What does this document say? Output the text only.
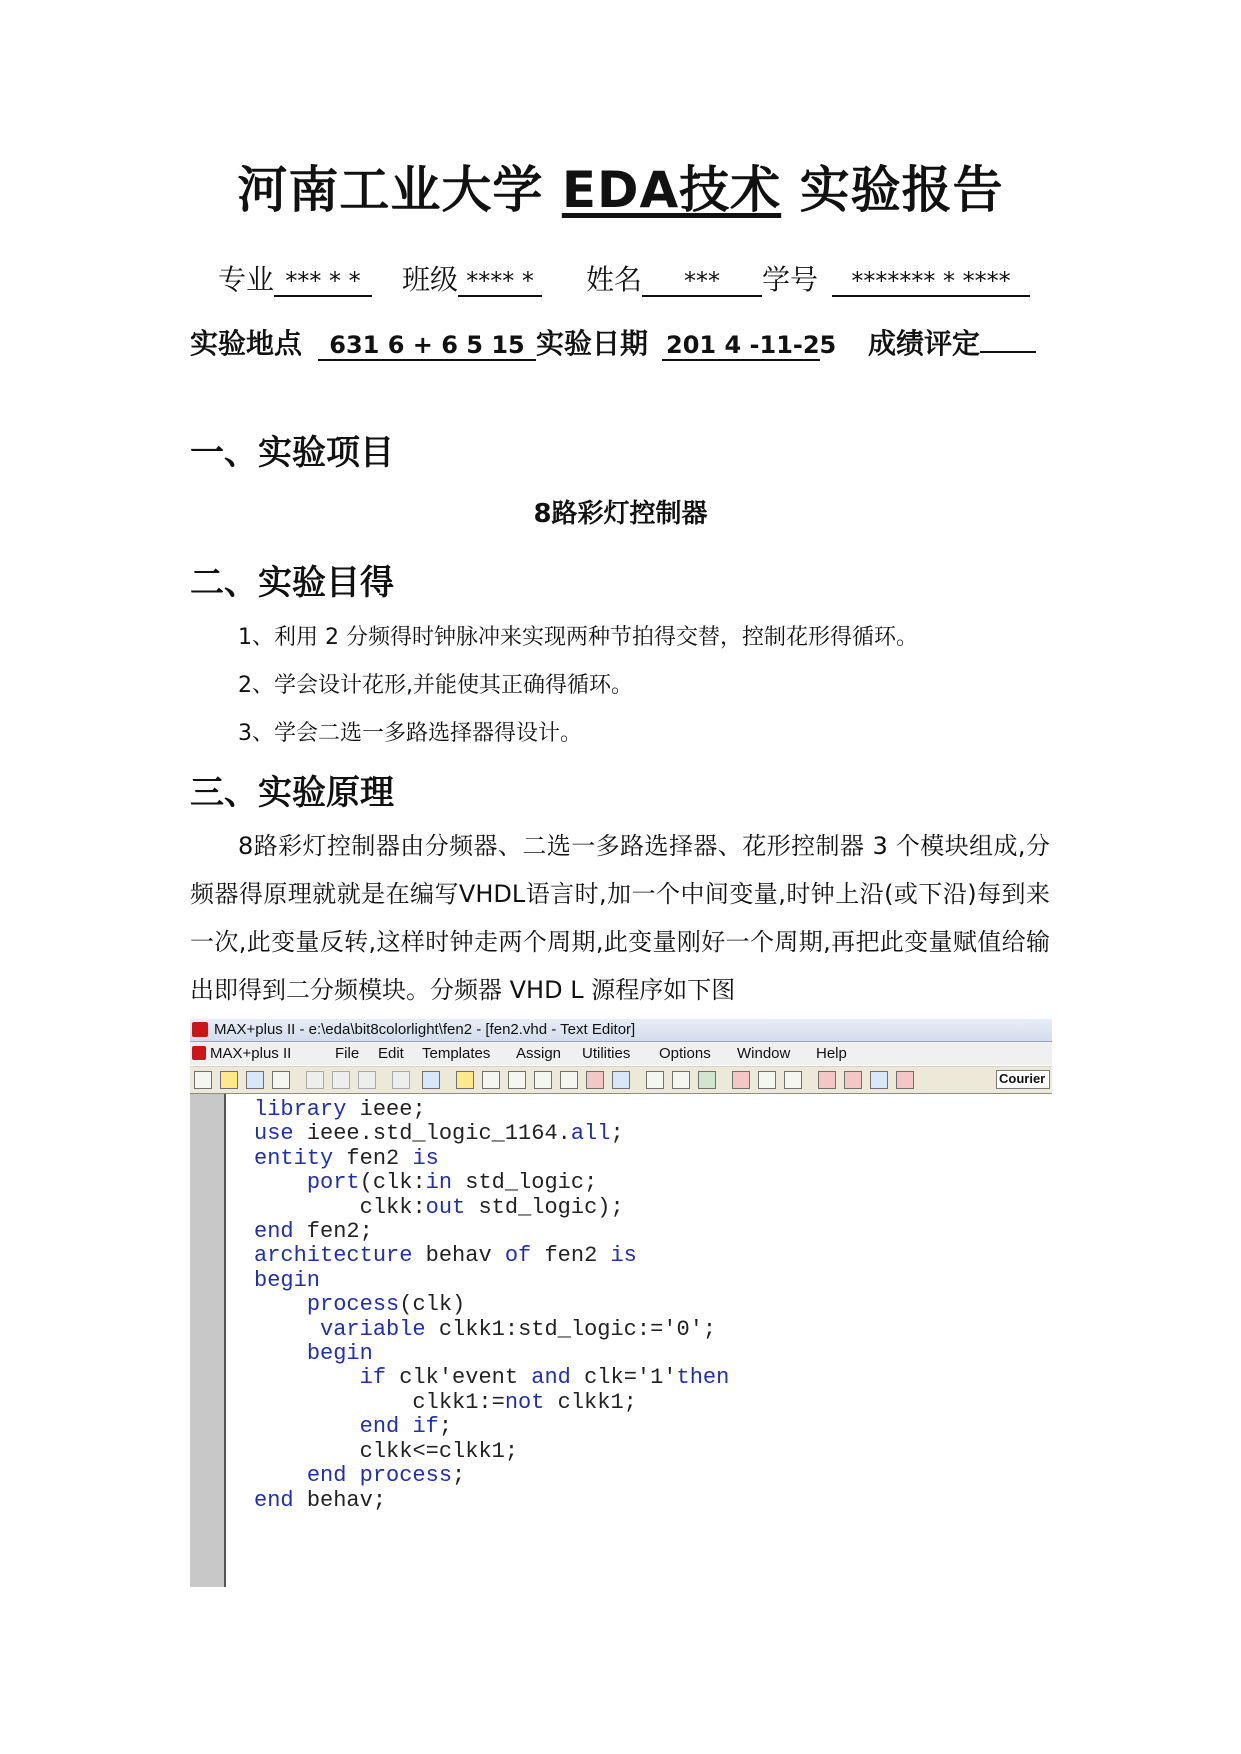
河南工业大学 EDA技术 实验报告
专业 *** * * 班级 **** * 姓名 *** 学号 ******* * ****
实验地点 631 6 + 6 5 15 实验日期 201 4 -11-25 成绩评定
一、实验项目
8路彩灯控制器
二、实验目得
1、利用 2 分频得时钟脉冲来实现两种节拍得交替，控制花形得循环。
2、学会设计花形,并能使其正确得循环。
3、学会二选一多路选择器得设计。
三、实验原理
8路彩灯控制器由分频器、二选一多路选择器、花形控制器 3 个模块组成,分频器得原理就就是在编写VHDL语言时,加一个中间变量,时钟上沿(或下沿)每到来一次,此变量反转,这样时钟走两个周期,此变量刚好一个周期,再把此变量赋值给输出即得到二分频模块。分频器 VHD L 源程序如下图
MAX+plus II - e:\eda\bit8colorlight\fen2 - [fen2.vhd - Text Editor]
MAX+plus II	File Edit Templates Assign Utilities Options Window Help
Courier
library ieee;
use ieee.std_logic_1164.all;
entity fen2 is
port(clk:in std_logic;
clkk:out std_logic);
end fen2;
architecture behav of fen2 is
begin
process(clk)
variable clkk1:std_logic:='0';
begin
if clk'event and clk='1'then
clkk1:=not clkk1;
end if;
clkk<=clkk1;
end process;
end behav;
